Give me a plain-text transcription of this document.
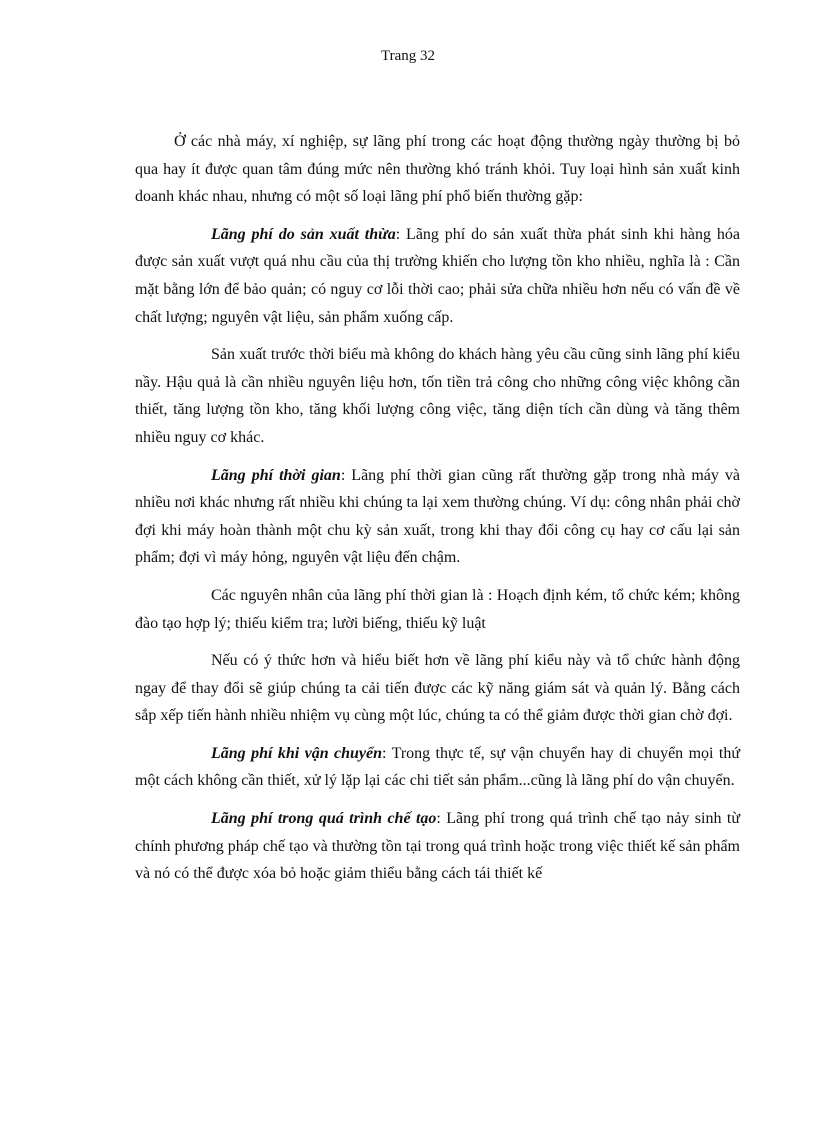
Trang 32

Ở các nhà máy, xí nghiệp, sự lãng phí trong các hoạt động thường ngày thường bị bỏ qua hay ít được quan tâm đúng mức nên thường khó tránh khỏi. Tuy loại hình sản xuất kinh doanh khác nhau, nhưng có một số loại lãng phí phổ biến thường gặp:

Lãng phí do sản xuất thừa: Lãng phí do sản xuất thừa phát sinh khi hàng hóa được sản xuất vượt quá nhu cầu của thị trường khiến cho lượng tồn kho nhiều, nghĩa là : Cần mặt bằng lớn để bảo quản; có nguy cơ lỗi thời cao; phải sửa chữa nhiều hơn nếu có vấn đề về chất lượng; nguyên vật liệu, sản phẩm xuống cấp.

Sản xuất trước thời biểu mà không do khách hàng yêu cầu cũng sinh lãng phí kiểu nầy. Hậu quả là cần nhiều nguyên liệu hơn, tốn tiền trả công cho những công việc không cần thiết, tăng lượng tồn kho, tăng khối lượng công việc, tăng diện tích cần dùng và tăng thêm nhiều nguy cơ khác.

Lãng phí thời gian: Lãng phí thời gian cũng rất thường gặp trong nhà máy và nhiều nơi khác nhưng rất nhiều khi chúng ta lại xem thường chúng. Ví dụ: công nhân phải chờ đợi khi máy hoàn thành một chu kỳ sản xuất, trong khi thay đổi công cụ hay cơ cấu lại sản phẩm; đợi vì máy hỏng, nguyên vật liệu đến chậm.

Các nguyên nhân của lãng phí thời gian là : Hoạch định kém, tổ chức kém; không đào tạo hợp lý; thiếu kiểm tra; lười biếng, thiếu kỹ luật

Nếu có ý thức hơn và hiểu biết hơn về lãng phí kiểu này và tổ chức hành động ngay để thay đổi sẽ giúp chúng ta cải tiến được các kỹ năng giám sát và quản lý. Bằng cách sắp xếp tiến hành nhiều nhiệm vụ cùng một lúc, chúng ta có thể giảm được thời gian chờ đợi.

Lãng phí khi vận chuyển: Trong thực tế, sự vận chuyển hay di chuyển mọi thứ một cách không cần thiết, xử lý lặp lại các chi tiết sản phẩm...cũng là lãng phí do vận chuyển.

Lãng phí trong quá trình chế tạo: Lãng phí trong quá trình chế tạo nảy sinh từ chính phương pháp chế tạo và thường tồn tại trong quá trình hoặc trong việc thiết kế sản phẩm và nó có thể được xóa bỏ hoặc giảm thiểu bằng cách tái thiết kế
